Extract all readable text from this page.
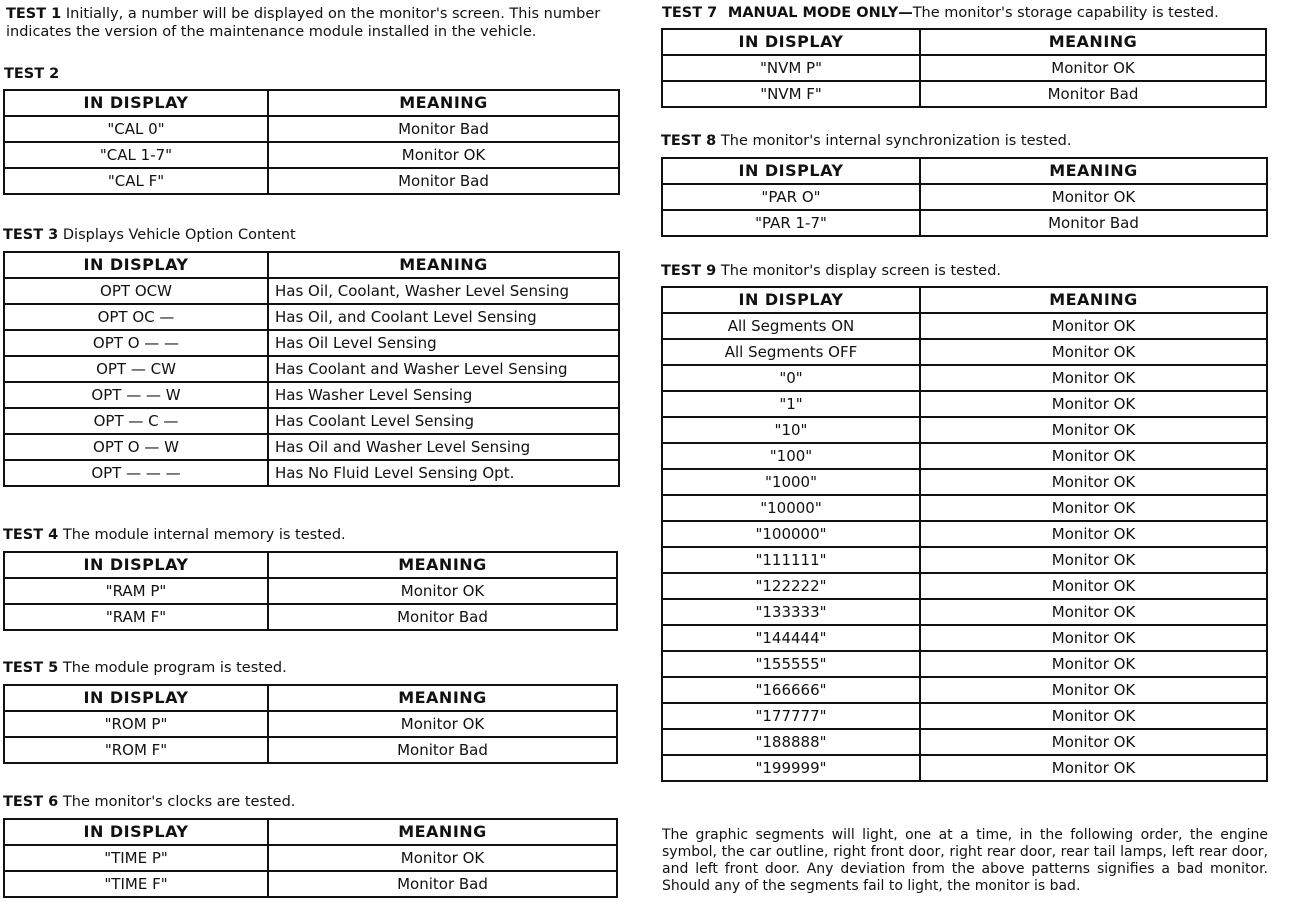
TEST 1 Initially, a number will be displayed on the monitor's screen. This number indicates the version of the maintenance module installed in the vehicle.
TEST 2
IN DISPLAY	MEANING
"CAL 0"	Monitor Bad
"CAL 1-7"	Monitor OK
"CAL F"	Monitor Bad
TEST 3 Displays Vehicle Option Content
IN DISPLAY	MEANING
OPT OCW	Has Oil, Coolant, Washer Level Sensing
OPT OC —	Has Oil, and Coolant Level Sensing
OPT O — —	Has Oil Level Sensing
OPT — CW	Has Coolant and Washer Level Sensing
OPT — — W	Has Washer Level Sensing
OPT — C —	Has Coolant Level Sensing
OPT O — W	Has Oil and Washer Level Sensing
OPT — — —	Has No Fluid Level Sensing Opt.
TEST 4 The module internal memory is tested.
IN DISPLAY	MEANING
"RAM P"	Monitor OK
"RAM F"	Monitor Bad
TEST 5 The module program is tested.
IN DISPLAY	MEANING
"ROM P"	Monitor OK
"ROM F"	Monitor Bad
TEST 6 The monitor's clocks are tested.
IN DISPLAY	MEANING
"TIME P"	Monitor OK
"TIME F"	Monitor Bad
TEST 7 MANUAL MODE ONLY—The monitor's storage capability is tested.
IN DISPLAY	MEANING
"NVM P"	Monitor OK
"NVM F"	Monitor Bad
TEST 8 The monitor's internal synchronization is tested.
IN DISPLAY	MEANING
"PAR O"	Monitor OK
"PAR 1-7"	Monitor Bad
TEST 9 The monitor's display screen is tested.
IN DISPLAY	MEANING
All Segments ON	Monitor OK
All Segments OFF	Monitor OK
"0"	Monitor OK
"1"	Monitor OK
"10"	Monitor OK
"100"	Monitor OK
"1000"	Monitor OK
"10000"	Monitor OK
"100000"	Monitor OK
"111111"	Monitor OK
"122222"	Monitor OK
"133333"	Monitor OK
"144444"	Monitor OK
"155555"	Monitor OK
"166666"	Monitor OK
"177777"	Monitor OK
"188888"	Monitor OK
"199999"	Monitor OK
The graphic segments will light, one at a time, in the following order, the engine symbol, the car outline, right front door, right rear door, rear tail lamps, left rear door, and left front door. Any deviation from the above patterns signifies a bad monitor. Should any of the segments fail to light, the monitor is bad.
